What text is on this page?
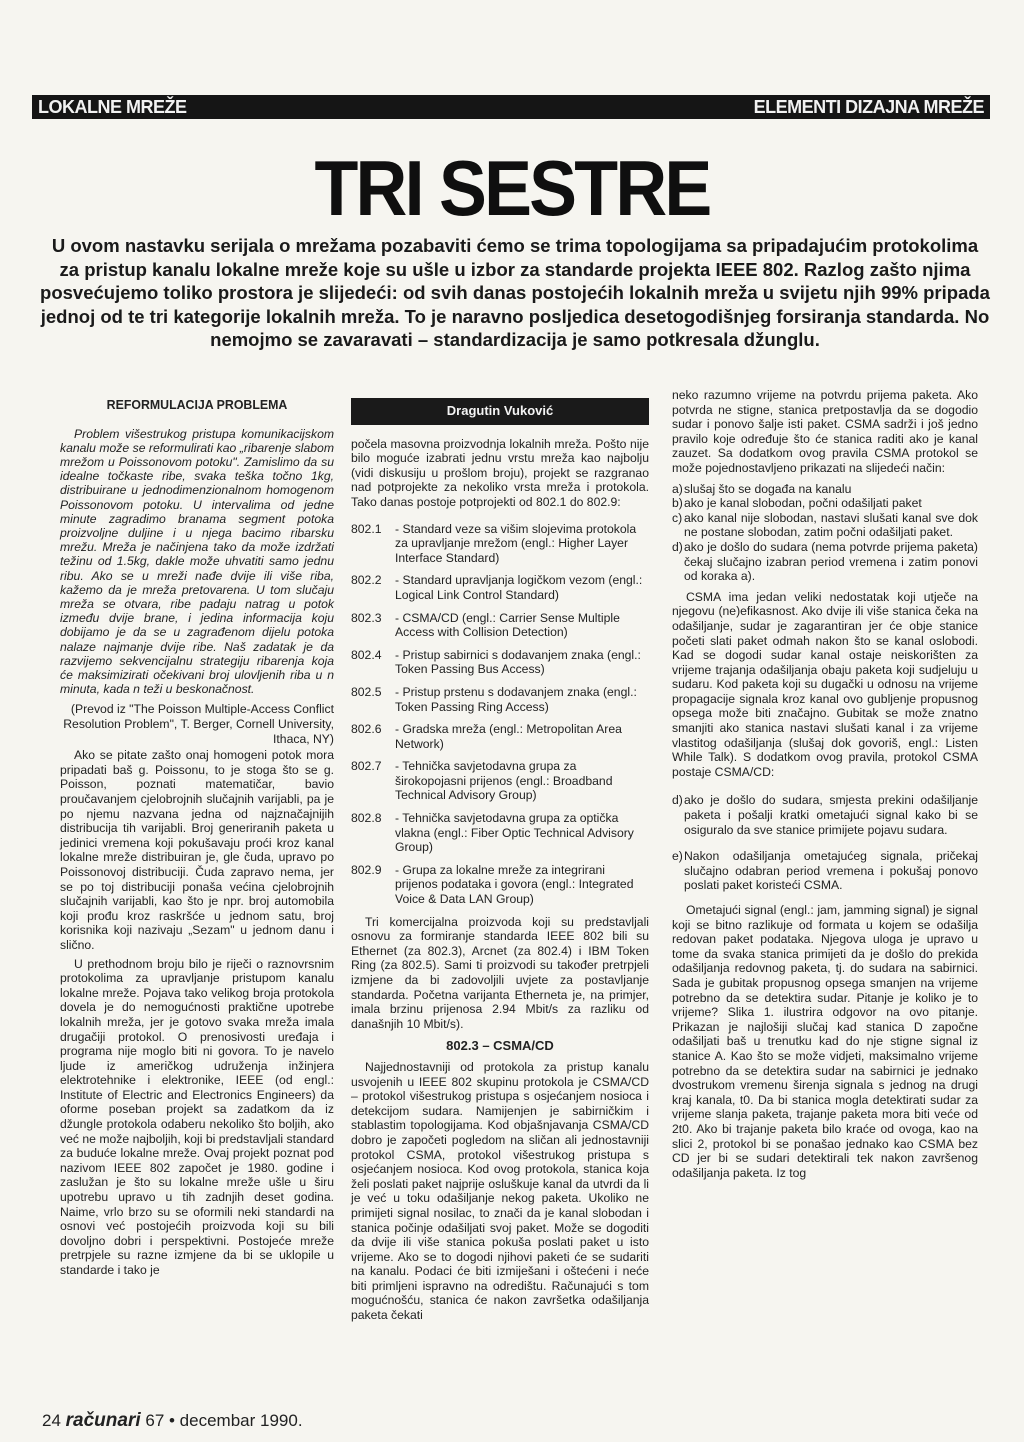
LOKALNE MREŽE	ELEMENTI DIZAJNA MREŽE
TRI SESTRE

U ovom nastavku serijala o mrežama pozabaviti ćemo se trima topologijama sa pripadajućim protokolima za pristup kanalu lokalne mreže koje su ušle u izbor za standarde projekta IEEE 802. Razlog zašto njima posvećujemo toliko prostora je slijedeći: od svih danas postojećih lokalnih mreža u svijetu njih 99% pripada jednoj od te tri kategorije lokalnih mreža. To je naravno posljedica desetogodišnjeg forsiranja standarda. No nemojmo se zavaravati – standardizacija je samo potkresala džunglu.

REFORMULACIJA PROBLEMA

Problem višestrukog pristupa komunikacijskom kanalu može se reformulirati kao „ribarenje slabom mrežom u Poissonovom potoku". Zamislimo da su idealne točkaste ribe, svaka teška točno 1kg, distribuirane u jednodimenzionalnom homogenom Poissonovom potoku. U intervalima od jedne minute zagradimo branama segment potoka proizvoljne duljine i u njega bacimo ribarsku mrežu. Mreža je načinjena tako da može izdržati težinu od 1.5kg, dakle može uhvatiti samo jednu ribu. Ako se u mreži nađe dvije ili više riba, kažemo da je mreža pretovarena. U tom slučaju mreža se otvara, ribe padaju natrag u potok između dvije brane, i jedina informacija koju dobijamo je da se u zagrađenom dijelu potoka nalaze najmanje dvije ribe. Naš zadatak je da razvijemo sekvencijalnu strategiju ribarenja koja će maksimizirati očekivani broj ulovljenih riba u n minuta, kada n teži u beskonačnost.

(Prevod iz "The Poisson Multiple-Access Conflict Resolution Problem", T. Berger, Cornell University, Ithaca, NY)

Ako se pitate zašto onaj homogeni potok mora pripadati baš g. Poissonu, to je stoga što se g. Poisson, poznati matematičar, bavio proučavanjem cjelobrojnih slučajnih varijabli, pa je po njemu nazvana jedna od najznačajnijih distribucija tih varijabli. Broj generiranih paketa u jedinici vremena koji pokušavaju proći kroz kanal lokalne mreže distribuiran je, gle čuda, upravo po Poissonovoj distribuciji. Čuda zapravo nema, jer se po toj distribuciji ponaša većina cjelobrojnih slučajnih varijabli, kao što je npr. broj automobila koji prođu kroz raskršće u jednom satu, broj korisnika koji nazivaju „Sezam" u jednom danu i slično.

U prethodnom broju bilo je riječi o raznovrsnim protokolima za upravljanje pristupom kanalu lokalne mreže. Pojava tako velikog broja protokola dovela je do nemogućnosti praktične upotrebe lokalnih mreža, jer je gotovo svaka mreža imala drugačiji protokol. O prenosivosti uređaja i programa nije moglo biti ni govora. To je navelo ljude iz američkog udruženja inžinjera elektrotehnike i elektronike, IEEE (od engl.: Institute of Electric and Electronics Engineers) da oforme poseban projekt sa zadatkom da iz džungle protokola odaberu nekoliko što boljih, ako već ne može najboljih, koji bi predstavljali standard za buduće lokalne mreže. Ovaj projekt poznat pod nazivom IEEE 802 započet je 1980. godine i zaslužan je što su lokalne mreže ušle u širu upotrebu upravo u tih zadnjih deset godina. Naime, vrlo brzo su se oformili neki standardi na osnovi već postojećih proizvoda koji su bili dovoljno dobri i perspektivni. Postojeće mreže pretrpjele su razne izmjene da bi se uklopile u standarde i tako je

Dragutin Vuković

počela masovna proizvodnja lokalnih mreža. Pošto nije bilo moguće izabrati jednu vrstu mreža kao najbolju (vidi diskusiju u prošlom broju), projekt se razgranao nad potprojekte za nekoliko vrsta mreža i protokola. Tako danas postoje potprojekti od 802.1 do 802.9:

802.1	- Standard veze sa višim slojevima protokola za upravljanje mrežom (engl.: Higher Layer Interface Standard)
802.2	- Standard upravljanja logičkom vezom (engl.: Logical Link Control Standard)
802.3	- CSMA/CD (engl.: Carrier Sense Multiple Access with Collision Detection)
802.4	- Pristup sabirnici s dodavanjem znaka (engl.: Token Passing Bus Access)
802.5	- Pristup prstenu s dodavanjem znaka (engl.: Token Passing Ring Access)
802.6	- Gradska mreža (engl.: Metropolitan Area Network)
802.7	- Tehnička savjetodavna grupa za širokopojasni prijenos (engl.: Broadband Technical Advisory Group)
802.8	- Tehnička savjetodavna grupa za optička vlakna (engl.: Fiber Optic Technical Advisory Group)
802.9	- Grupa za lokalne mreže za integrirani prijenos podataka i govora (engl.: Integrated Voice & Data LAN Group)

Tri komercijalna proizvoda koji su predstavljali osnovu za formiranje standarda IEEE 802 bili su Ethernet (za 802.3), Arcnet (za 802.4) i IBM Token Ring (za 802.5). Sami ti proizvodi su također pretrpjeli izmjene da bi zadovoljili uvjete za postavljanje standarda. Početna varijanta Etherneta je, na primjer, imala brzinu prijenosa 2.94 Mbit/s za razliku od današnjih 10 Mbit/s).

802.3 – CSMA/CD

Najjednostavniji od protokola za pristup kanalu usvojenih u IEEE 802 skupinu protokola je CSMA/CD – protokol višestrukog pristupa s osjećanjem nosioca i detekcijom sudara. Namijenjen je sabirničkim i stablastim topologijama. Kod objašnjavanja CSMA/CD dobro je započeti pogledom na sličan ali jednostavniji protokol CSMA, protokol višestrukog pristupa s osjećanjem nosioca. Kod ovog protokola, stanica koja želi poslati paket najprije osluškuje kanal da utvrdi da li je već u toku odašiljanje nekog paketa. Ukoliko ne primijeti signal nosilac, to znači da je kanal slobodan i stanica počinje odašiljati svoj paket. Može se dogoditi da dvije ili više stanica pokuša poslati paket u isto vrijeme. Ako se to dogodi njihovi paketi će se sudariti na kanalu. Podaci će biti izmiješani i oštećeni i neće biti primljeni ispravno na odredištu. Računajući s tom mogućnošću, stanica će nakon završetka odašiljanja paketa čekati

neko razumno vrijeme na potvrdu prijema paketa. Ako potvrda ne stigne, stanica pretpostavlja da se dogodio sudar i ponovo šalje isti paket. CSMA sadrži i još jedno pravilo koje određuje što će stanica raditi ako je kanal zauzet. Sa dodatkom ovog pravila CSMA protokol se može pojednostavljeno prikazati na slijedeći način:

a) slušaj što se događa na kanalu
b) ako je kanal slobodan, počni odašiljati paket
c) ako kanal nije slobodan, nastavi slušati kanal sve dok ne postane slobodan, zatim počni odašiljati paket.
d) ako je došlo do sudara (nema potvrde prijema paketa) čekaj slučajno izabran period vremena i zatim ponovi od koraka a).

CSMA ima jedan veliki nedostatak koji utječe na njegovu (ne)efikasnost. Ako dvije ili više stanica čeka na odašiljanje, sudar je zagarantiran jer će obje stanice početi slati paket odmah nakon što se kanal oslobodi. Kad se dogodi sudar kanal ostaje neiskorišten za vrijeme trajanja odašiljanja obaju paketa koji sudjeluju u sudaru. Kod paketa koji su dugački u odnosu na vrijeme propagacije signala kroz kanal ovo gubljenje propusnog opsega može biti značajno. Gubitak se može znatno smanjiti ako stanica nastavi slušati kanal i za vrijeme vlastitog odašiljanja (slušaj dok govoriš, engl.: Listen While Talk). S dodatkom ovog pravila, protokol CSMA postaje CSMA/CD:

d) ako je došlo do sudara, smjesta prekini odašiljanje paketa i pošalji kratki ometajući signal kako bi se osiguralo da sve stanice primijete pojavu sudara.
e) Nakon odašiljanja ometajućeg signala, pričekaj slučajno odabran period vremena i pokušaj ponovo poslati paket koristeći CSMA.

Ometajući signal (engl.: jam, jamming signal) je signal koji se bitno razlikuje od formata u kojem se odašilja redovan paket podataka. Njegova uloga je upravo u tome da svaka stanica primijeti da je došlo do prekida odašiljanja redovnog paketa, tj. do sudara na sabirnici. Sada je gubitak propusnog opsega smanjen na vrijeme potrebno da se detektira sudar. Pitanje je koliko je to vrijeme? Slika 1. ilustrira odgovor na ovo pitanje. Prikazan je najlošiji slučaj kad stanica D započne odašiljati baš u trenutku kad do nje stigne signal iz stanice A. Kao što se može vidjeti, maksimalno vrijeme potrebno da se detektira sudar na sabirnici je jednako dvostrukom vremenu širenja signala s jednog na drugi kraj kanala, t0. Da bi stanica mogla detektirati sudar za vrijeme slanja paketa, trajanje paketa mora biti veće od 2t0. Ako bi trajanje paketa bilo kraće od ovoga, kao na slici 2, protokol bi se ponašao jednako kao CSMA bez CD jer bi se sudari detektirali tek nakon završenog odašiljanja paketa. Iz tog

24 računari 67 • decembar 1990.
